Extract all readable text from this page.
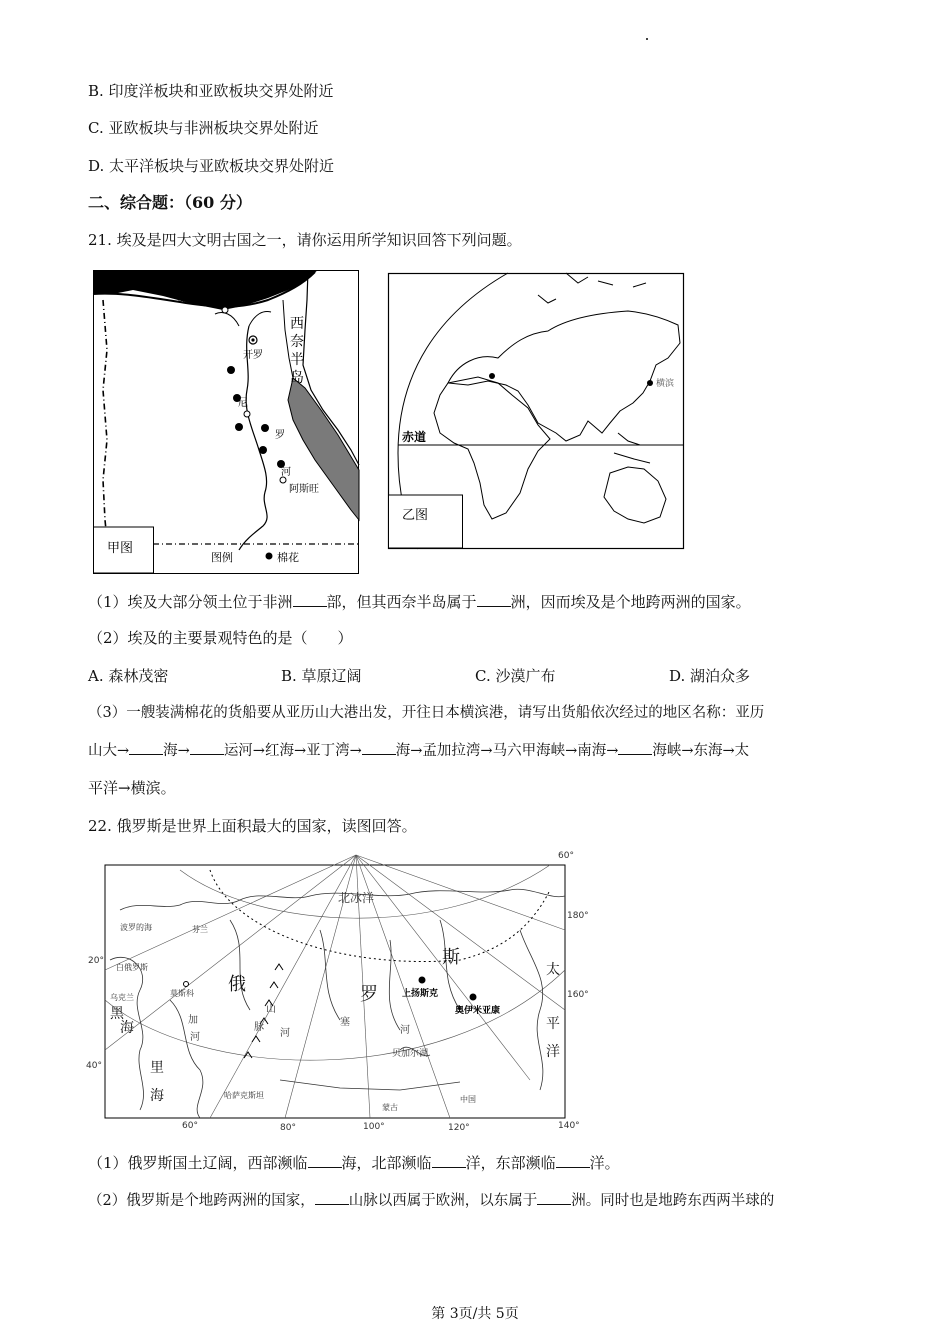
B. 印度洋板块和亚欧板块交界处附近
C. 亚欧板块与非洲板块交界处附近
D. 太平洋板块与亚欧板块交界处附近
二、综合题：（60 分）
21. 埃及是四大文明古国之一，请你运用所学知识回答下列问题。
甲图
亚历山大
西
奈
半
岛
开罗
尼
罗
河
阿斯旺
图例	棉花
赤道
横滨
乙图
（1）埃及大部分领土位于非洲 部，但其西奈半岛属于 洲，因而埃及是个地跨两洲的国家。
（2）埃及的主要景观特色的是（ ）
A. 森林茂密	B. 草原辽阔	C. 沙漠广布	D. 湖泊众多
（3）一艘装满棉花的货船要从亚历山大港出发，开往日本横滨港，请写出货船依次经过的地区名称：亚历
山大→ 海→ 运河→红海→亚丁湾→ 海→孟加拉湾→马六甲海峡→南海→ 海峡→东海→太
平洋→横滨。
22. 俄罗斯是世界上面积最大的国家，读图回答。
60°
180°
160°
20°
40°
60°	80°	100°	120°	140°
北冰洋
俄	罗
斯
太
平
洋
黑
海
里
海
山
脉
加
河	河
塞
河
上扬斯克
奥伊米亚康
贝加尔湖
哈萨克斯坦
蒙古
中国
芬兰
白俄罗斯
乌克兰	莫斯科
波罗的海
（1）俄罗斯国土辽阔，西部濒临 海，北部濒临 洋，东部濒临 洋。
（2）俄罗斯是个地跨两洲的国家， 山脉以西属于欧洲，以东属于 洲。同时也是地跨东西两半球的
第 3页/共 5页
